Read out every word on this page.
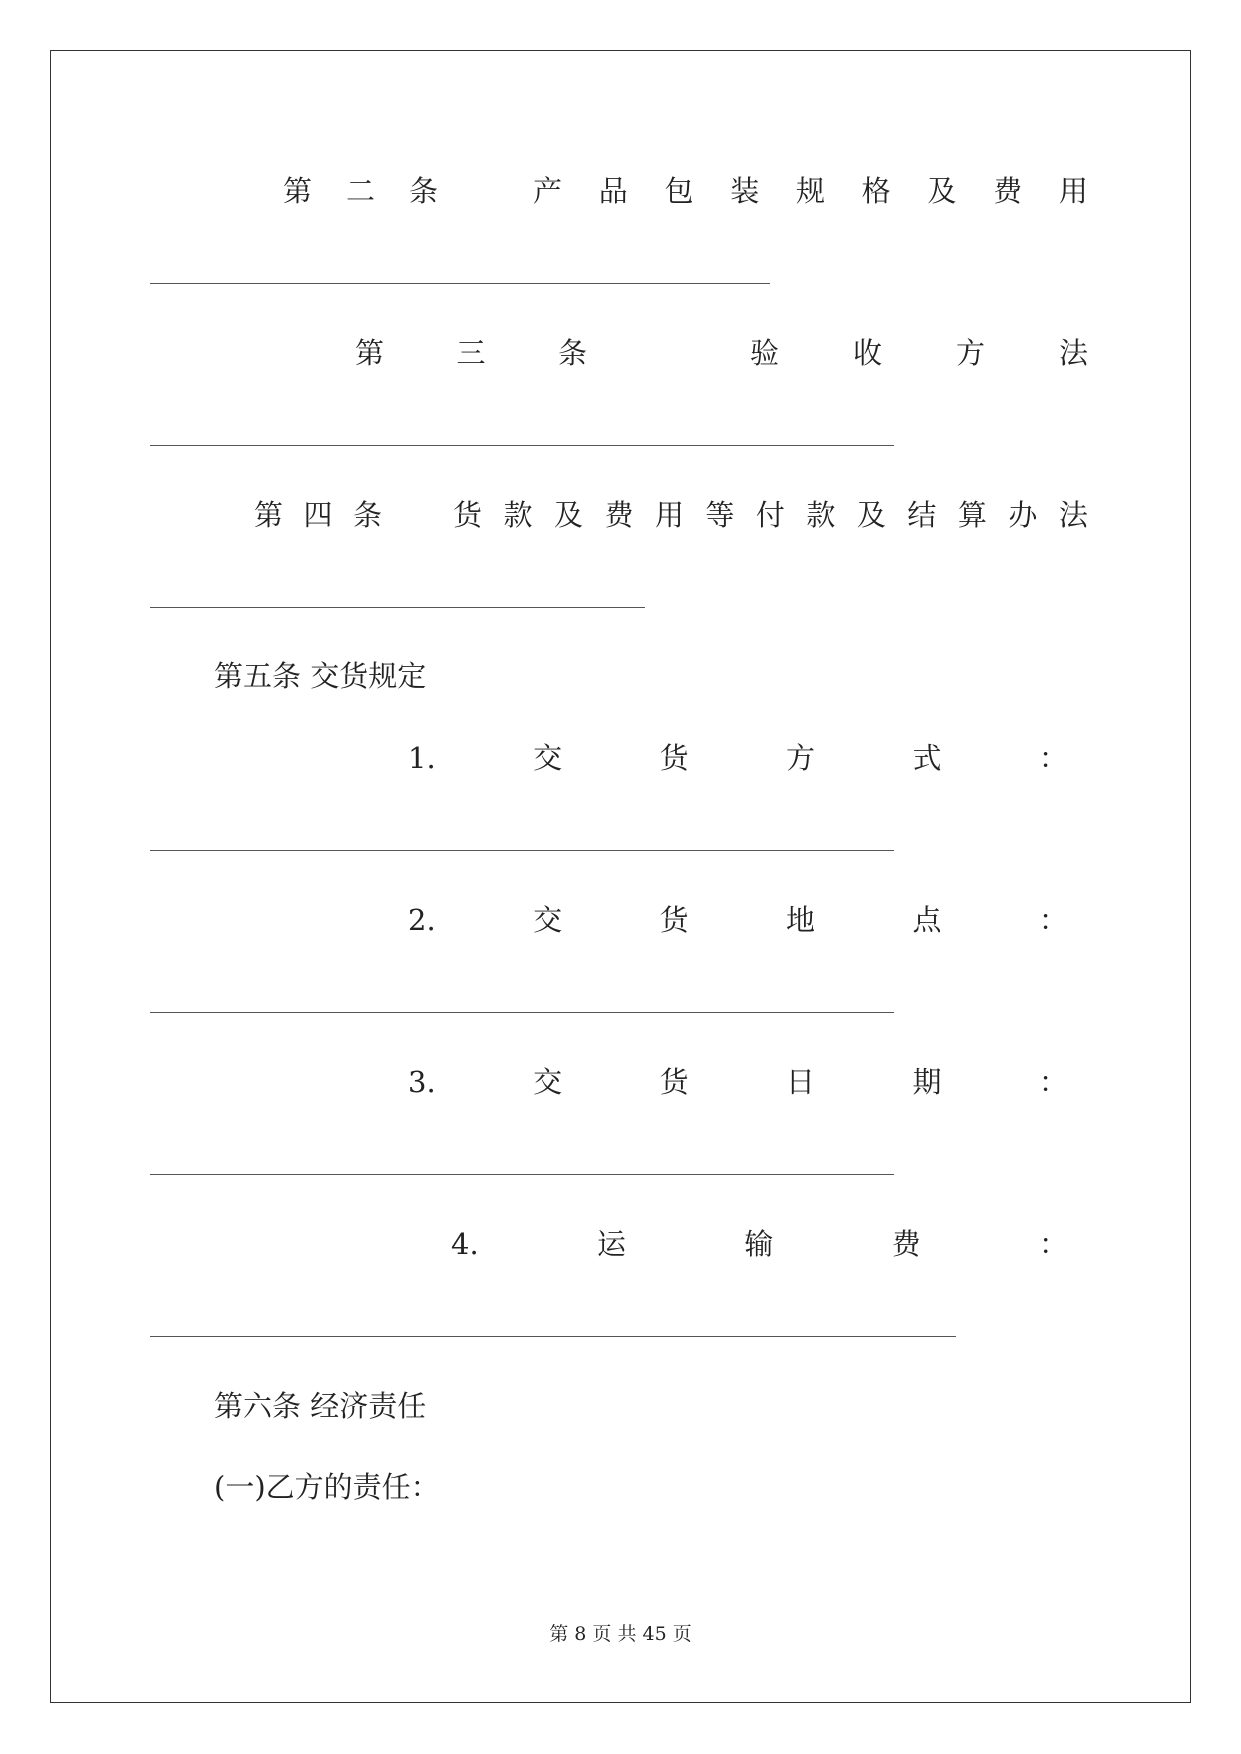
第 二 条	产 品 包 装 规 格 及 费 用
第 三 条	验	收	方	法
第 四 条 货 款 及 费 用 等 付 款 及 结 算 办 法
第五条 交货规定
1.	交	货	方	式	：
2.	交	货	地	点	：
3.	交	货	日	期	：
4.	运	输	费	：
第六条 经济责任
(一)乙方的责任：
第 8 页 共 45 页
